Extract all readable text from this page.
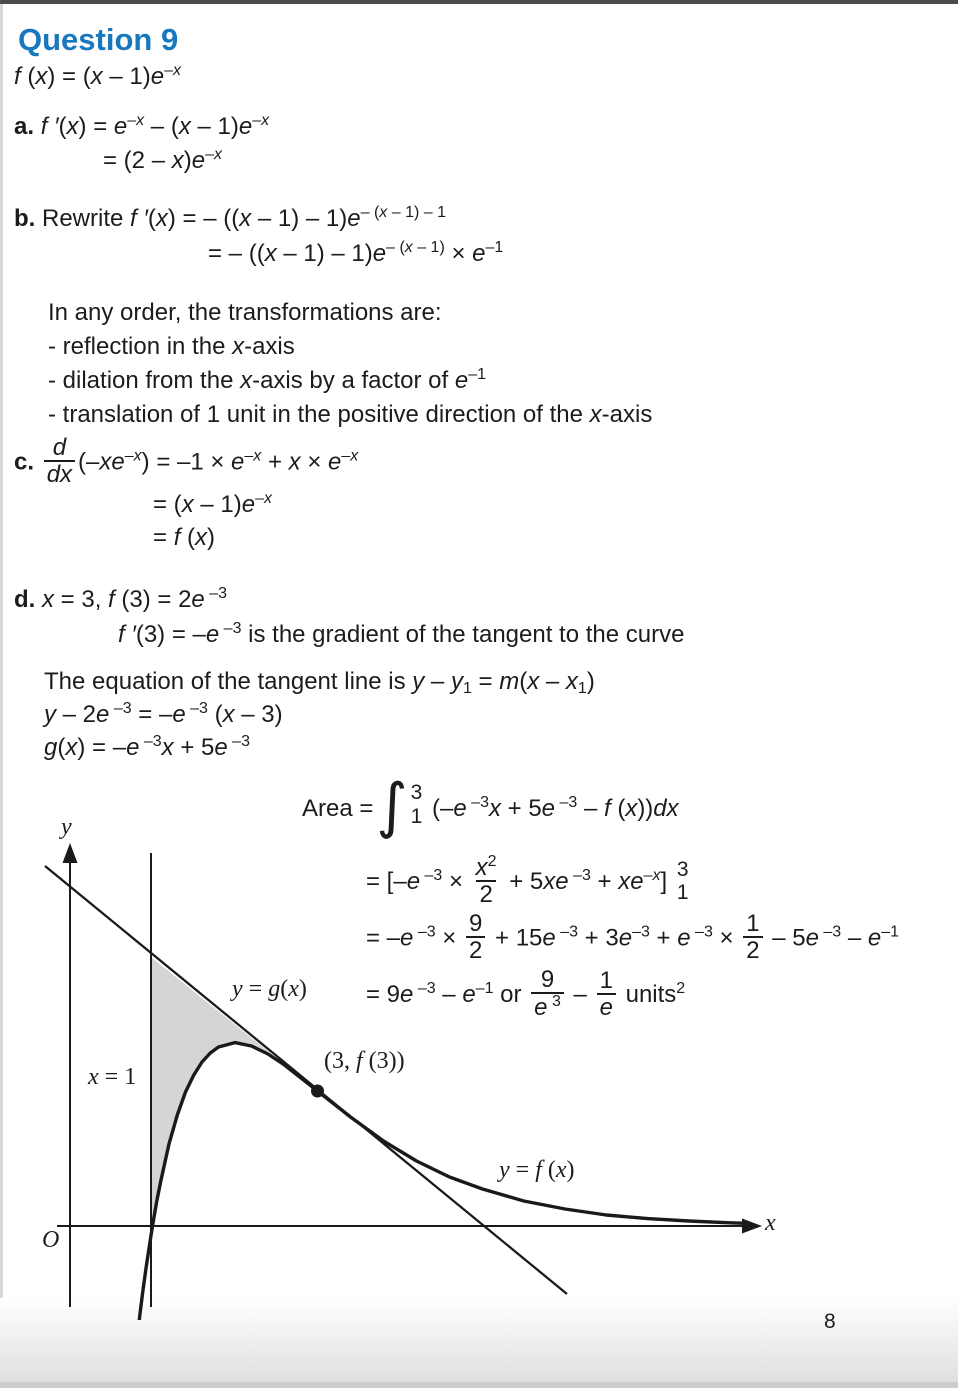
Question 9
f $(x) = (x - 1)e^{-x}$
a. f $'(x) = e^{-x} - (x - 1)e^{-x}$
= $(2 - x)e^{-x}$
b. Rewrite f ′(x) = – $((x - 1) - 1)e^{- (x - 1) - 1}$
= – $((x - 1) - 1)e^{- (x - 1)} \times e^{-1}$
In any order, the transformations are:
- reflection in the x-axis
- dilation from the x-axis by a factor of $e^{-1}$
- translation of 1 unit in the positive direction of the x-axis
c. $\frac{d}{dx} (-xe^{-x}) = -1 \times e^{-x} + x \times e^{-x}$
= $(x - 1)e^{-x}$
= f (x)
d. x = 3, f (3) = 2e $^{-3}$
f ′(3) = –e $^{-3}$ is the gradient of the tangent to the curve
The equation of the tangent line is $y - y_1 = m(x - x_1)$
y – 2e $^{-3}$ = –e $^{-3}$ (x – 3)
g(x) = –e $^{-3}$x + 5e $^{-3}$
Area = ∫ 3
1 (–e $^{-3}$x + 5e $^{-3}$ – f (x))dx
= [–e $^{-3} \times \frac{x^2}{2} + 5xe$ $^{-3} + xe^{-x}$] 3
1
= –e $^{-3} \times \frac{9}{2} + 15e$ $^{-3} + 3e^{-3} + e$ $^{-3} \times \frac{1}{2} - 5e$ $^{-3} - e^{-1}$
= 9e $^{-3} - e^{-1}$ or $\frac{9}{e ^3} - \frac{1}{e}$ units$^2$
y
x
O
x = 1
y = g(x)
(3, f (3))
y = f (x)
8
